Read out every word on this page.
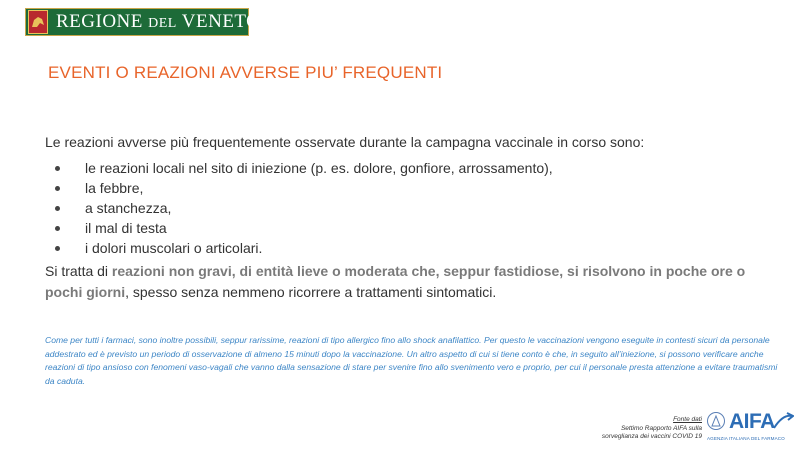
REGIONE DEL VENETO
EVENTI O REAZIONI AVVERSE PIU’ FREQUENTI
Le reazioni avverse più frequentemente osservate durante la campagna vaccinale in corso sono:
le reazioni locali nel sito di iniezione (p. es. dolore, gonfiore, arrossamento),
la febbre,
a stanchezza,
il mal di testa
i dolori muscolari o articolari.
Si tratta di reazioni non gravi, di entità lieve o moderata che, seppur fastidiose, si risolvono in poche ore o pochi giorni, spesso senza nemmeno ricorrere a trattamenti sintomatici.
Come per tutti i farmaci, sono inoltre possibili, seppur rarissime, reazioni di tipo allergico fino allo shock anafilattico. Per questo le vaccinazioni vengono eseguite in contesti sicuri da personale addestrato ed è previsto un periodo di osservazione di almeno 15 minuti dopo la vaccinazione. Un altro aspetto di cui si tiene conto è che, in seguito all’iniezione, si possono verificare anche reazioni di tipo ansioso con fenomeni vaso-vagali che vanno dalla sensazione di stare per svenire fino allo svenimento vero e proprio, per cui il personale presta attenzione a evitare traumatismi da caduta.
Fonte dati
Settimo Rapporto AIFA sulla
sorveglianza dei vaccini COVID 19
AIFA
AGENZIA ITALIANA DEL FARMACO
